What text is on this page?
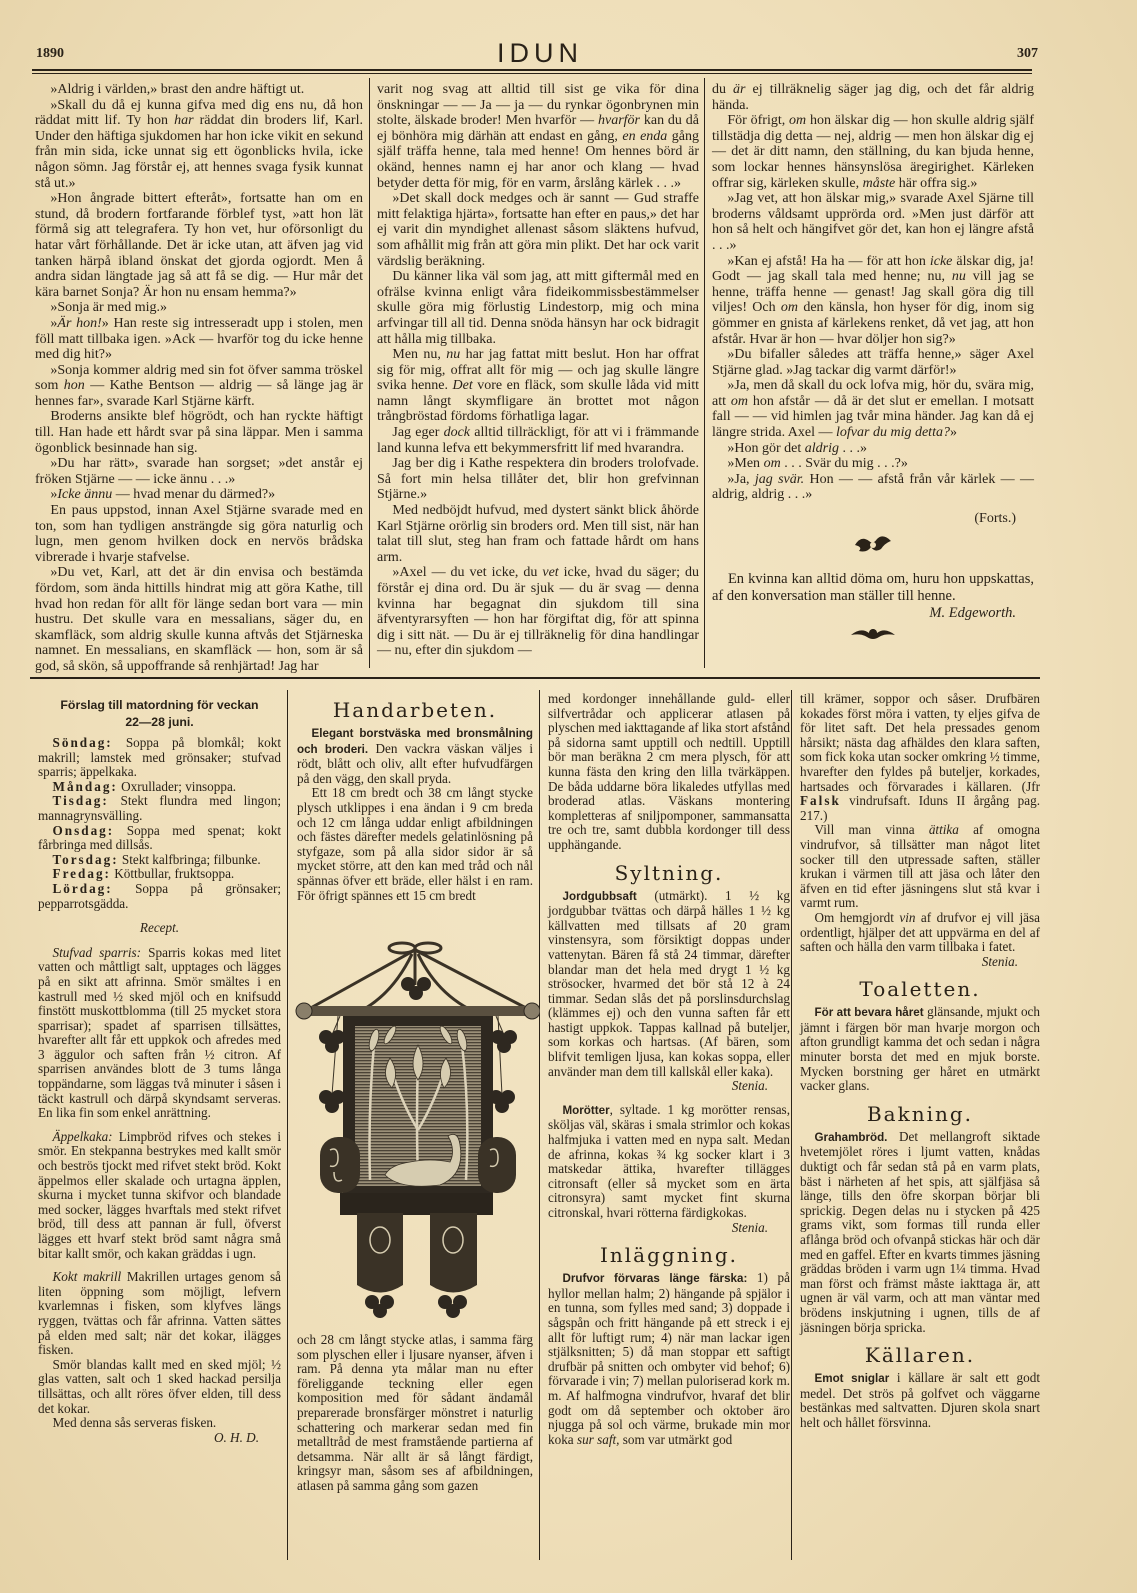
1890	IDUN	307

»Aldrig i världen,» brast den andre häftigt ut.

»Skall du då ej kunna gifva med dig ens nu, då hon räddat mitt lif. Ty hon har räddat din broders lif, Karl. Under den häftiga sjukdomen har hon icke vikit en sekund från min sida, icke unnat sig ett ögonblicks hvila, icke någon sömn. Jag förstår ej, att hennes svaga fysik kunnat stå ut.»

»Hon ångrade bittert efteråt», fortsatte han om en stund, då brodern fortfarande förblef tyst, »att hon lät förmå sig att telegrafera. Ty hon vet, hur oförsonligt du hatar vårt förhållande. Det är icke utan, att äfven jag vid tanken härpå ibland önskat det gjorda ogjordt. Men å andra sidan längtade jag så att få se dig. — Hur mår det kära barnet Sonja? Är hon nu ensam hemma?»

»Sonja är med mig.»

»Är hon!» Han reste sig intresseradt upp i stolen, men föll matt tillbaka igen. »Ack — hvarför tog du icke henne med dig hit?»

»Sonja kommer aldrig med sin fot öfver samma tröskel som hon — Kathe Bentson — aldrig — så länge jag är hennes far», svarade Karl Stjärne kärft.

Broderns ansikte blef högrödt, och han ryckte häftigt till. Han hade ett hårdt svar på sina läppar. Men i samma ögonblick besinnade han sig.

»Du har rätt», svarade han sorgset; »det anstår ej fröken Stjärne — — icke ännu . . .»

»Icke ännu — hvad menar du därmed?»

En paus uppstod, innan Axel Stjärne svarade med en ton, som han tydligen ansträngde sig göra naturlig och lugn, men genom hvilken dock en nervös brådska vibrerade i hvarje stafvelse.

»Du vet, Karl, att det är din envisa och bestämda fördom, som ända hittills hindrat mig att göra Kathe, till hvad hon redan för allt för länge sedan bort vara — min hustru. Det skulle vara en messalians, säger du, en skamfläck, som aldrig skulle kunna aftvås det Stjärneska namnet. En messalians, en skamfläck — hon, som är så god, så skön, så uppoffrande så renhjärtad! Jag har

varit nog svag att alltid till sist ge vika för dina önskningar — — Ja — ja — du rynkar ögonbrynen min stolte, älskade broder! Men hvarför — hvarför kan du då ej bönhöra mig därhän att endast en gång, en enda gång själf träffa henne, tala med henne! Om hennes börd är okänd, hennes namn ej har anor och klang — hvad betyder detta för mig, för en varm, årslång kärlek . . .»

»Det skall dock medges och är sannt — Gud straffe mitt felaktiga hjärta», fortsatte han efter en paus,» det har ej varit din myndighet allenast såsom släktens hufvud, som afhållit mig från att göra min plikt. Det har ock varit värdslig beräkning.

Du känner lika väl som jag, att mitt giftermål med en ofrälse kvinna enligt våra fideikommissbestämmelser skulle göra mig förlustig Lindestorp, mig och mina arfvingar till all tid. Denna snöda hänsyn har ock bidragit att hålla mig tillbaka.

Men nu, nu har jag fattat mitt beslut. Hon har offrat sig för mig, offrat allt för mig — och jag skulle längre svika henne. Det vore en fläck, som skulle låda vid mitt namn långt skymfligare än brottet mot någon trångbröstad fördoms förhatliga lagar.

Jag eger dock alltid tillräckligt, för att vi i främmande land kunna lefva ett bekymmersfritt lif med hvarandra.

Jag ber dig i Kathe respektera din broders trolofvade. Så fort min helsa tillåter det, blir hon grefvinnan Stjärne.»

Med nedböjdt hufvud, med dystert sänkt blick åhörde Karl Stjärne orörlig sin broders ord. Men till sist, när han talat till slut, steg han fram och fattade hårdt om hans arm.

»Axel — du vet icke, du vet icke, hvad du säger; du förstår ej dina ord. Du är sjuk — du är svag — denna kvinna har begagnat din sjukdom till sina äfventyrarsyften — hon har förgiftat dig, för att spinna dig i sitt nät. — Du är ej tillräknelig för dina handlingar — nu, efter din sjukdom —

du är ej tillräknelig säger jag dig, och det får aldrig hända.

För öfrigt, om hon älskar dig — hon skulle aldrig själf tillstädja dig detta — nej, aldrig — men hon älskar dig ej — det är ditt namn, den ställning, du kan bjuda henne, som lockar hennes hänsynslösa äregirighet. Kärleken offrar sig, kärleken skulle, måste här offra sig.»

»Jag vet, att hon älskar mig,» svarade Axel Sjärne till broderns våldsamt upprörda ord. »Men just därför att hon så helt och hängifvet gör det, kan hon ej längre afstå . . .»

»Kan ej afstå! Ha ha — för att hon icke älskar dig, ja! Godt — jag skall tala med henne; nu, nu vill jag se henne, träffa henne — genast! Jag skall göra dig till viljes! Och om den känsla, hon hyser för dig, inom sig gömmer en gnista af kärlekens renket, då vet jag, att hon afstår. Hvar är hon — hvar döljer hon sig?»

»Du bifaller således att träffa henne,» säger Axel Stjärne glad. »Jag tackar dig varmt därför!»

»Ja, men då skall du ock lofva mig, hör du, svära mig, att om hon afstår — då är det slut er emellan. I motsatt fall — — vid himlen jag tvår mina händer. Jag kan då ej längre strida. Axel — lofvar du mig detta?»

»Hon gör det aldrig . . .»

»Men om . . . Svär du mig . . .?»

»Ja, jag svär. Hon — — afstå från vår kärlek — — aldrig, aldrig . . .»

(Forts.)
En kvinna kan alltid döma om, huru hon uppskattas, af den konversation man ställer till henne.
M. Edgeworth.

Förslag till matordning för veckan

22—28 juni.

Söndag: Soppa på blomkål; kokt makrill; lamstek med grönsaker; stufvad sparris; äppelkaka.

Måndag: Oxrullader; vinsoppa.

Tisdag: Stekt flundra med lingon; mannagrynsvälling.

Onsdag: Soppa med spenat; kokt fårbringa med dillsås.

Torsdag: Stekt kalfbringa; filbunke.

Fredag: Köttbullar, fruktsoppa.

Lördag: Soppa på grönsaker; pepparrotsgädda.

Recept.

Stufvad sparris: Sparris kokas med litet vatten och måttligt salt, upptages och lägges på en sikt att afrinna. Smör smältes i en kastrull med ½ sked mjöl och en knifsudd finstött muskottblomma (till 25 mycket stora sparrisar); spadet af sparrisen tillsättes, hvarefter allt får ett uppkok och afredes med 3 äggulor och saften från ½ citron. Af sparrisen användes blott de 3 tums långa toppändarne, som läggas två minuter i såsen i täckt kastrull och därpå skyndsamt serveras. En lika fin som enkel anrättning.

Äppelkaka: Limpbröd rifves och stekes i smör. En stekpanna bestrykes med kallt smör och beströs tjockt med rifvet stekt bröd. Kokt äppelmos eller skalade och urtagna äpplen, skurna i mycket tunna skifvor och blandade med socker, lägges hvarftals med stekt rifvet bröd, till dess att pannan är full, öfverst lägges ett hvarf stekt bröd samt några små bitar kallt smör, och kakan gräddas i ugn.

Kokt makrill Makrillen urtages genom så liten öppning som möjligt, lefvern kvarlemnas i fisken, som klyfves längs ryggen, tvättas och får afrinna. Vatten sättes på elden med salt; när det kokar, ilägges fisken.

Smör blandas kallt med en sked mjöl; ½ glas vatten, salt och 1 sked hackad persilja tillsättas, och allt röres öfver elden, till dess det kokar.

Med denna sås serveras fisken.

O. H. D.

Handarbeten.

Elegant borstväska med bronsmålning och broderi. Den vackra väskan väljes i rödt, blått och oliv, allt efter hufvudfärgen på den vägg, den skall pryda.

Ett 18 cm bredt och 38 cm långt stycke plysch utklippes i ena ändan i 9 cm breda och 12 cm långa uddar enligt afbildningen och fästes därefter medels gelatinlösning på styfgaze, som på alla sidor sidor är så mycket större, att den kan med tråd och nål spännas öfver ett bräde, eller hälst i en ram. För öfrigt spännes ett 15 cm bredt

och 28 cm långt stycke atlas, i samma färg som plyschen eller i ljusare nyanser, äfven i ram. På denna yta målar man nu efter föreliggande teckning eller egen komposition med för sådant ändamål preparerade bronsfärger mönstret i naturlig schattering och markerar sedan med fin metalltråd de mest framstående partierna af detsamma. När allt är så långt färdigt, kringsyr man, såsom ses af afbildningen, atlasen på samma gång som gazen

med kordonger innehållande guld- eller silfvertrådar och applicerar atlasen på plyschen med iakttagande af lika stort afstånd på sidorna samt upptill och nedtill. Upptill bör man beräkna 2 cm mera plysch, för att kunna fästa den kring den lilla tvärkäppen. De båda uddarne böra likaledes utfyllas med broderad atlas. Väskans montering kompletteras af sniljpomponer, sammansatta tre och tre, samt dubbla kordonger till dess upphängande.

Syltning.

Jordgubbsaft (utmärkt). 1 ½ kg jordgubbar tvättas och därpå hälles 1 ½ kg källvatten med tillsats af 20 gram vinstensyra, som försiktigt doppas under vattenytan. Bären få stå 24 timmar, därefter blandar man det hela med drygt 1 ½ kg strösocker, hvarmed det bör stå 12 à 24 timmar. Sedan slås det på porslinsdurchslag (klämmes ej) och den vunna saften får ett hastigt uppkok. Tappas kallnad på buteljer, som korkas och hartsas. (Af bären, som blifvit temligen ljusa, kan kokas soppa, eller använder man dem till kallskål eller kaka).

Stenia.

Morötter, syltade. 1 kg morötter rensas, sköljas väl, skäras i smala strimlor och kokas halfmjuka i vatten med en nypa salt. Medan de afrinna, kokas ¾ kg socker klart i 3 matskedar ättika, hvarefter tillägges citronsaft (eller så mycket som en ärta citronsyra) samt mycket fint skurna citronskal, hvari rötterna färdigkokas.

Stenia.

Inläggning.

Drufvor förvaras länge färska: 1) på hyllor mellan halm; 2) hängande på spjälor i en tunna, som fylles med sand; 3) doppade i sågspån och fritt hängande på ett streck i ej allt för luftigt rum; 4) när man lackar igen stjälksnitten; 5) då man stoppar ett saftigt drufbär på snitten och ombyter vid behof; 6) förvarade i vin; 7) mellan puloriserad kork m. m. Af halfmogna vindrufvor, hvaraf det blir godt om då september och oktober äro njugga på sol och värme, brukade min mor koka sur saft, som var utmärkt god

till krämer, soppor och såser. Drufbären kokades först möra i vatten, ty eljes gifva de för litet saft. Det hela pressades genom hårsikt; nästa dag afhäldes den klara saften, som fick koka utan socker omkring ½ timme, hvarefter den fyldes på buteljer, korkades, hartsades och förvarades i källaren. (Jfr Falsk vindrufsaft. Iduns II årgång pag. 217.)

Vill man vinna ättika af omogna vindrufvor, så tillsätter man något litet socker till den utpressade saften, ställer krukan i värmen till att jäsa och låter den äfven en tid efter jäsningens slut stå kvar i varmt rum.

Om hemgjordt vin af drufvor ej vill jäsa ordentligt, hjälper det att uppvärma en del af saften och hälla den varm tillbaka i fatet.

Stenia.

Toaletten.

För att bevara håret glänsande, mjukt och jämnt i färgen bör man hvarje morgon och afton grundligt kamma det och sedan i några minuter borsta det med en mjuk borste. Mycken borstning ger håret en utmärkt vacker glans.

Bakning.

Grahambröd. Det mellangroft siktade hvetemjölet röres i ljumt vatten, knådas duktigt och får sedan stå på en varm plats, bäst i närheten af het spis, att själfjäsa så länge, tills den öfre skorpan börjar bli sprickig. Degen delas nu i stycken på 425 grams vikt, som formas till runda eller aflånga bröd och ofvanpå stickas här och där med en gaffel. Efter en kvarts timmes jäsning gräddas bröden i varm ugn 1¼ timma. Hvad man först och främst måste iakttaga är, att ugnen är väl varm, och att man väntar med brödens inskjutning i ugnen, tills de af jäsningen börja spricka.

Källaren.

Emot sniglar i källare är salt ett godt medel. Det strös på golfvet och väggarne bestänkas med saltvatten. Djuren skola snart helt och hållet försvinna.
